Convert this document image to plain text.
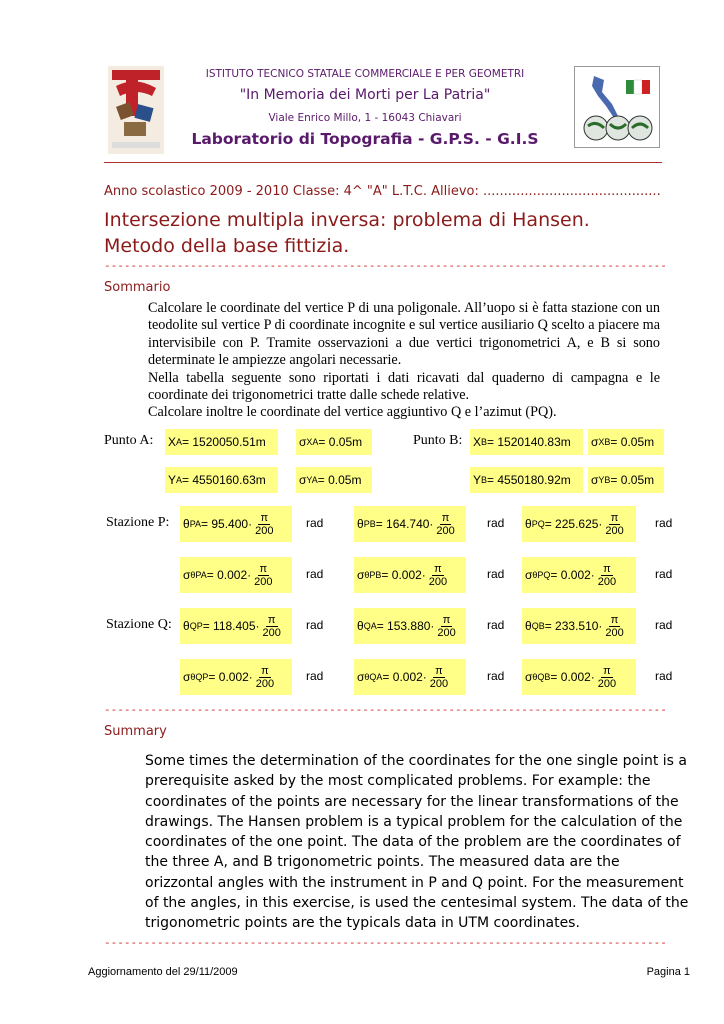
ISTITUTO TECNICO STATALE COMMERCIALE E PER GEOMETRI
"In Memoria dei Morti per La Patria"
Viale Enrico Millo, 1 - 16043 Chiavari
Laboratorio di Topografia - G.P.S. - G.I.S
Anno scolastico 2009 - 2010 Classe: 4^ "A" L.T.C. Allievo: ...........................................
Intersezione multipla inversa: problema di Hansen.
Metodo della base fittizia.
-------------------------------------------------------------------------------------
Sommario

Calcolare le coordinate del vertice P di una poligonale. All’uopo si è fatta stazione con un teodolite sul vertice P di coordinate incognite e sul vertice ausiliario Q scelto a piacere ma intervisibile con P. Tramite osservazioni a due vertici trigonometrici A, e B si sono determinate le ampiezze angolari necessarie.

Nella tabella seguente sono riportati i dati ricavati dal quaderno di campagna e le coordinate dei trigonometrici tratte dalle schede relative.

Calcolare inoltre le coordinate del vertice aggiuntivo Q e l’azimut (PQ).

Punto A:	Punto B:
X A = 1520050.51m	σ XA = 0.05m	X B = 1520140.83m σ XB = 0.05m
Y A = 4550160.63m	σ YA = 0.05m	Y B = 4550180.92m σ YB = 0.05m
Stazione P: θ PA = $95.400\cdot \frac{\pi}{200}$	rad	θ PB = $164.740\cdot \frac{\pi}{200}$	rad θ PQ = $225.625\cdot \frac{\pi}{200}$	rad
σ $\theta PA = 0.002\cdot \frac{\pi}{200}$	rad	σ $\theta PB = 0.002\cdot \frac{\pi}{200}$	rad σ $\theta PQ = 0.002\cdot \frac{\pi}{200}$	rad
Stazione Q: θ QP = $118.405\cdot \frac{\pi}{200}$ rad	θ QA = $153.880\cdot \frac{\pi}{200}$	rad θ QB = $233.510\cdot \frac{\pi}{200}$	rad
σ $\theta QP = 0.002\cdot \frac{\pi}{200}$	rad	σ $\theta QA = 0.002\cdot \frac{\pi}{200}$	rad σ $\theta QB = 0.002\cdot \frac{\pi}{200}$	rad
-------------------------------------------------------------------------------------
Summary
Some times the determination of the coordinates for the one single point is a prerequisite asked by the most complicated problems. For example: the coordinates of the points are necessary for the linear transformations of the drawings. The Hansen problem is a typical problem for the calculation of the coordinates of the one point. The data of the problem are the coordinates of the three A, and B trigonometric points. The measured data are the orizzontal angles with the instrument in P and Q point. For the measurement of the angles, in this exercise, is used the centesimal system. The data of the trigonometric points are the typicals data in UTM coordinates.
-------------------------------------------------------------------------------------
Aggiornamento del 29/11/2009	Pagina 1
